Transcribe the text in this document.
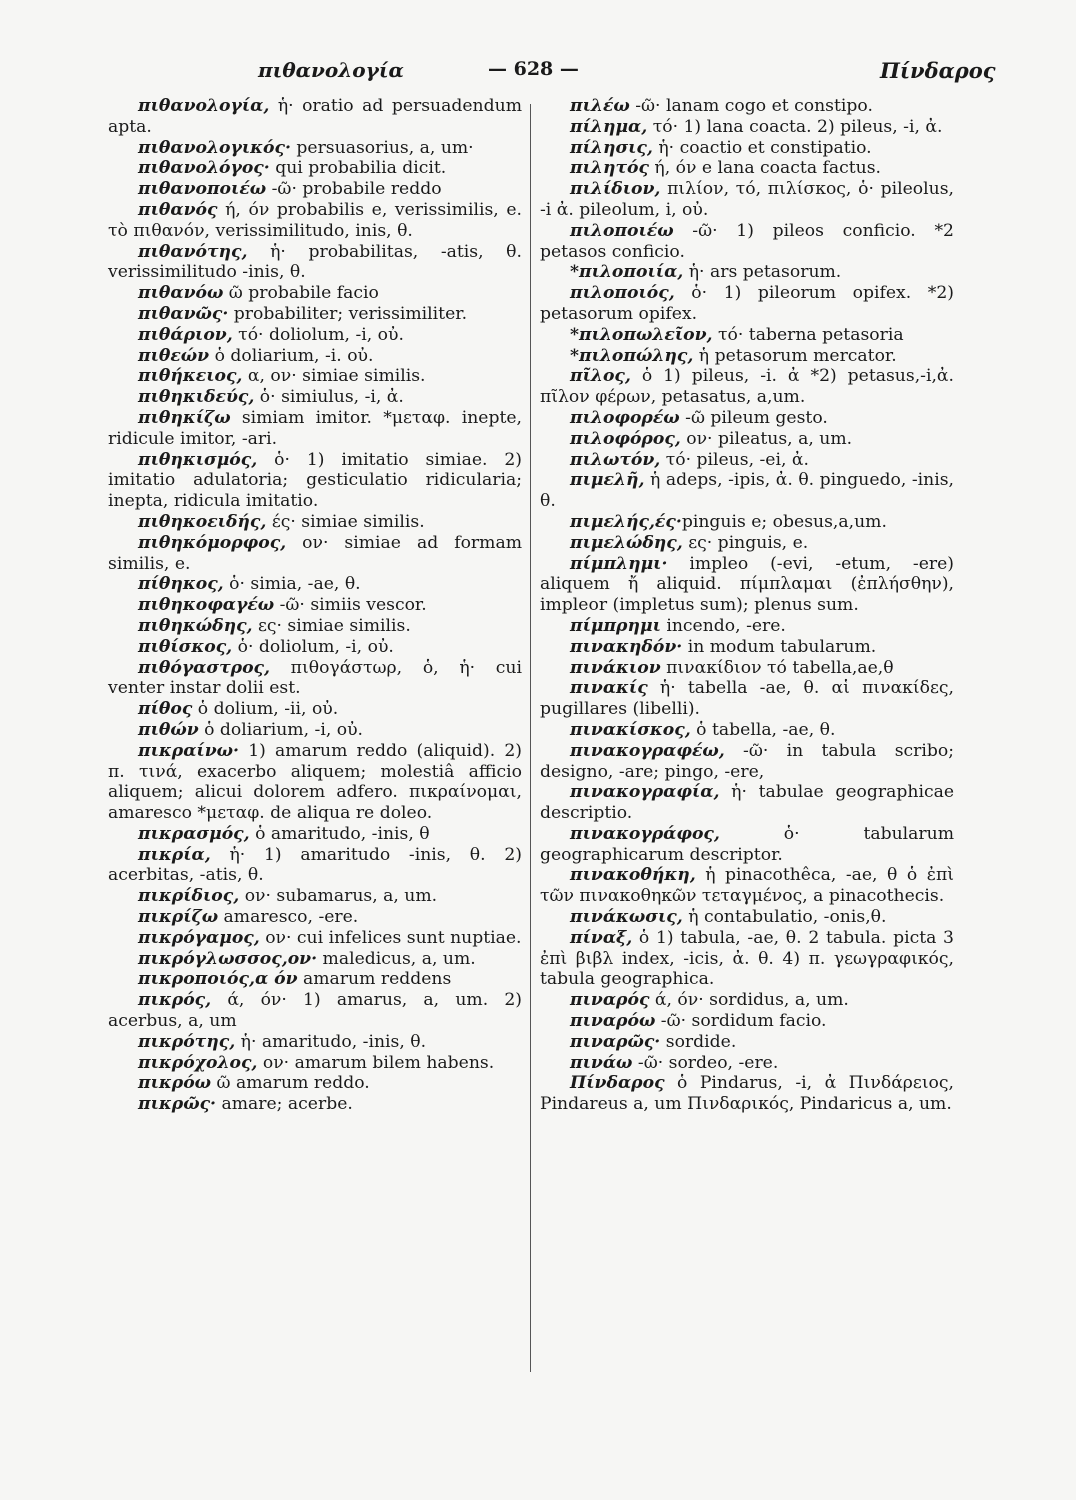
πιθανολογία	— 628 —	Πίνδαρος

πιθανολογία, ἡ· oratio ad persuadendum apta.

πιθανολογικός· persuasorius, a, um·

πιθανολόγος· qui probabilia dicit.

πιθανοποιέω -ῶ· probabile reddo

πιθανός ή, όν probabilis e, verissimilis, e. τὸ πιθανόν, verissimilitudo, inis, θ.

πιθανότης, ἡ· probabilitas, -atis, θ. verissimilitudo -inis, θ.

πιθανόω ῶ probabile facio

πιθανῶς· probabiliter; verissimiliter.

πιθάριον, τό· doliolum, -i, οὐ.

πιθεών ὁ doliarium, -i. οὐ.

πιθήκειος, α, ον· simiae similis.

πιθηκιδεύς, ὁ· simiulus, -i, ἀ.

πιθηκίζω simiam imitor. *μεταφ. inepte, ridicule imitor, -ari.

πιθηκισμός, ὁ· 1) imitatio simiae. 2) imitatio adulatoria; gesticulatio ridicularia; inepta, ridicula imitatio.

πιθηκοειδής, ές· simiae similis.

πιθηκόμορφος, ον· simiae ad formam similis, e.

πίθηκος, ὁ· simia, -ae, θ.

πιθηκοφαγέω -ῶ· simiis vescor.

πιθηκώδης, ες· simiae similis.

πιθίσκος, ὁ· doliolum, -i, οὐ.

πιθόγαστρος, πιθογάστωρ, ὁ, ἡ· cui venter instar dolii est.

πίθος ὁ dolium, -ii, οὐ.

πιθών ὁ doliarium, -i, οὐ.

πικραίνω· 1) amarum reddo (aliquid). 2) π. τινά, exacerbo aliquem; molestiâ afficio aliquem; alicui dolorem adfero. πικραίνομαι, amaresco *μεταφ. de aliqua re doleo.

πικρασμός, ὁ amaritudo, -inis, θ

πικρία, ἡ· 1) amaritudo -inis, θ. 2) acerbitas, -atis, θ.

πικρίδιος, ον· subamarus, a, um.

πικρίζω amaresco, -ere.

πικρόγαμος, ον· cui infelices sunt nuptiae.

πικρόγλωσσος,ον· maledicus, a, um.

πικροποιός,α όν amarum reddens

πικρός, ά, όν· 1) amarus, a, um. 2) acerbus, a, um

πικρότης, ἡ· amaritudo, -inis, θ.

πικρόχολος, ον· amarum bilem habens.

πικρόω ῶ amarum reddo.

πικρῶς· amare; acerbe.

πιλέω -ῶ· lanam cogo et constipo.

πίλημα, τό· 1) lana coacta. 2) pileus, -i, ἀ.

πίλησις, ἡ· coactio et constipatio.

πιλητός ή, όν e lana coacta factus.

πιλίδιον, πιλίον, τό, πιλίσκος, ὁ· pileolus, -i ἀ. pileolum, i, οὐ.

πιλοποιέω -ῶ· 1) pileos conficio. *2 petasos conficio.

*πιλοποιία, ἡ· ars petasorum.

πιλοποιός, ὁ· 1) pileorum opifex. *2) petasorum opifex.

*πιλοπωλεῖον, τό· taberna petasoria

*πιλοπώλης, ἡ petasorum mercator.

πῖλος, ὁ 1) pileus, -i. ἀ *2) petasus,-i,ἀ. πῖλον φέρων, petasatus, a,um.

πιλοφορέω -ῶ pileum gesto.

πιλοφόρος, ον· pileatus, a, um.

πιλωτόν, τό· pileus, -ei, ἀ.

πιμελῆ, ἡ adeps, -ipis, ἀ. θ. pinguedo, -inis, θ.

πιμελής,ές·pinguis e; obesus,a,um.

πιμελώδης, ες· pinguis, e.

πίμπλημι· impleo (-evi, -etum, -ere) aliquem ἤ aliquid. πίμπλαμαι (ἐπλήσθην), impleor (impletus sum); plenus sum.

πίμπρημι incendo, -ere.

πινακηδόν· in modum tabularum.

πινάκιον πινακίδιον τό tabella,ae,θ

πινακίς ἡ· tabella -ae, θ. αἱ πινακίδες, pugillares (libelli).

πινακίσκος, ὁ tabella, -ae, θ.

πινακογραφέω, -ῶ· in tabula scribo; designo, -are; pingo, -ere,

πινακογραφία, ἡ· tabulae geographicae descriptio.

πινακογράφος, ὁ· tabularum geographicarum descriptor.

πινακοθήκη, ἡ pinacothêca, -ae, θ ὁ ἐπὶ τῶν πινακοθηκῶν τεταγμένος, a pinacothecis.

πινάκωσις, ἡ contabulatio, -onis,θ.

πίναξ, ὁ 1) tabula, -ae, θ. 2 tabula. picta 3 ἐπὶ βιβλ index, -icis, ἀ. θ. 4) π. γεωγραφικός, tabula geographica.

πιναρός ά, όν· sordidus, a, um.

πιναρόω -ῶ· sordidum facio.

πιναρῶς· sordide.

πινάω -ῶ· sordeo, -ere.

Πίνδαρος ὁ Pindarus, -i, ἀ Πινδάρειος, Pindareus a, um Πινδαρικός, Pindaricus a, um.
